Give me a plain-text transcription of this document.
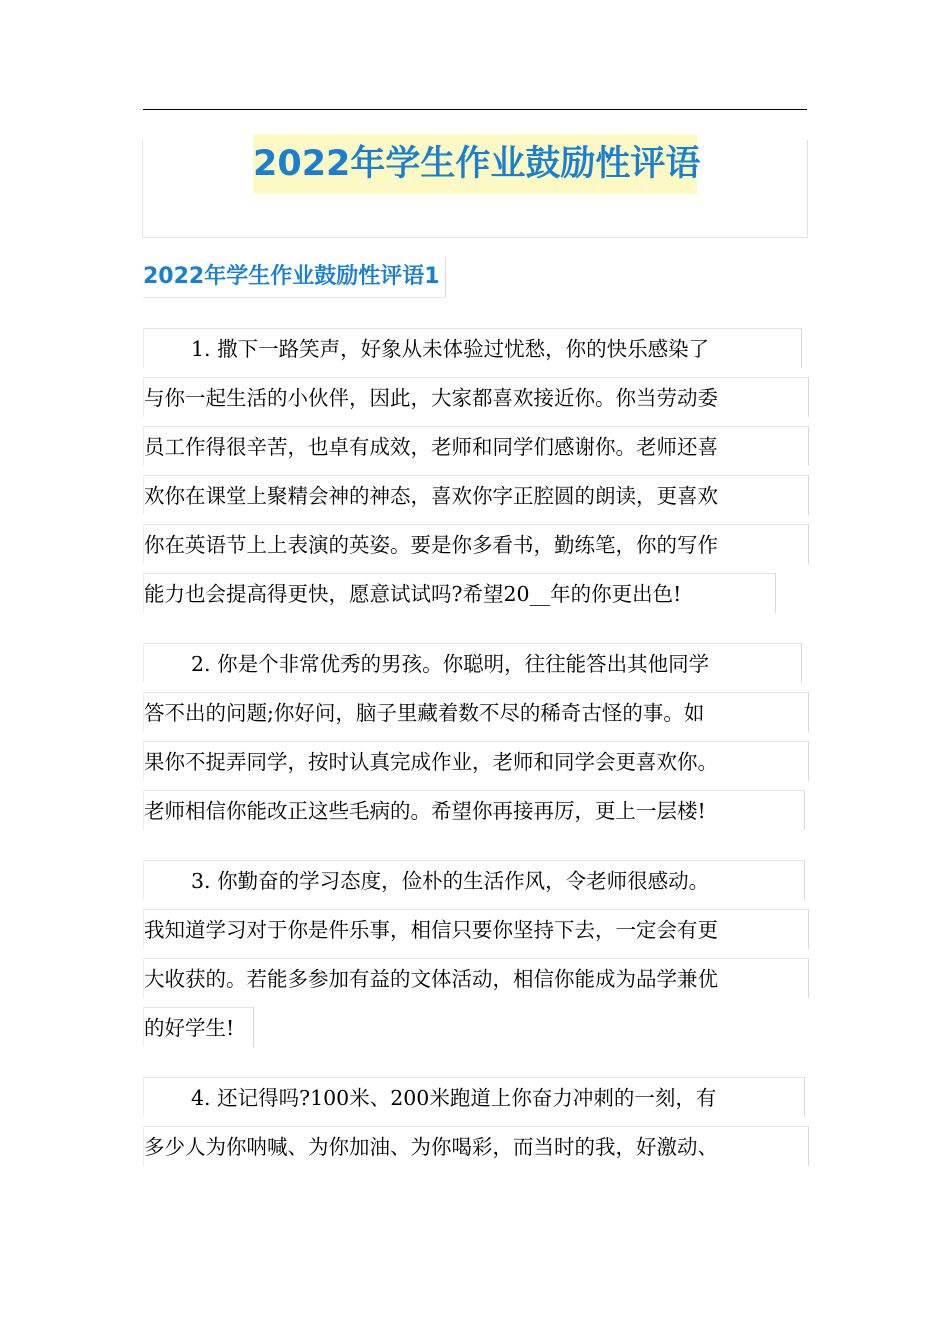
2022年学生作业鼓励性评语
2022年学生作业鼓励性评语1
1. 撒下一路笑声，好象从未体验过忧愁，你的快乐感染了
与你一起生活的小伙伴，因此，大家都喜欢接近你。你当劳动委
员工作得很辛苦，也卓有成效，老师和同学们感谢你。老师还喜
欢你在课堂上聚精会神的神态，喜欢你字正腔圆的朗读，更喜欢
你在英语节上上表演的英姿。要是你多看书，勤练笔，你的写作
能力也会提高得更快，愿意试试吗?希望20__年的你更出色!
2. 你是个非常优秀的男孩。你聪明，往往能答出其他同学
答不出的问题;你好问，脑子里藏着数不尽的稀奇古怪的事。如
果你不捉弄同学，按时认真完成作业，老师和同学会更喜欢你。
老师相信你能改正这些毛病的。希望你再接再厉，更上一层楼!
3. 你勤奋的学习态度，俭朴的生活作风，令老师很感动。
我知道学习对于你是件乐事，相信只要你坚持下去，一定会有更
大收获的。若能多参加有益的文体活动，相信你能成为品学兼优
的好学生!
4. 还记得吗?100米、200米跑道上你奋力冲刺的一刻，有
多少人为你呐喊、为你加油、为你喝彩，而当时的我，好激动、
